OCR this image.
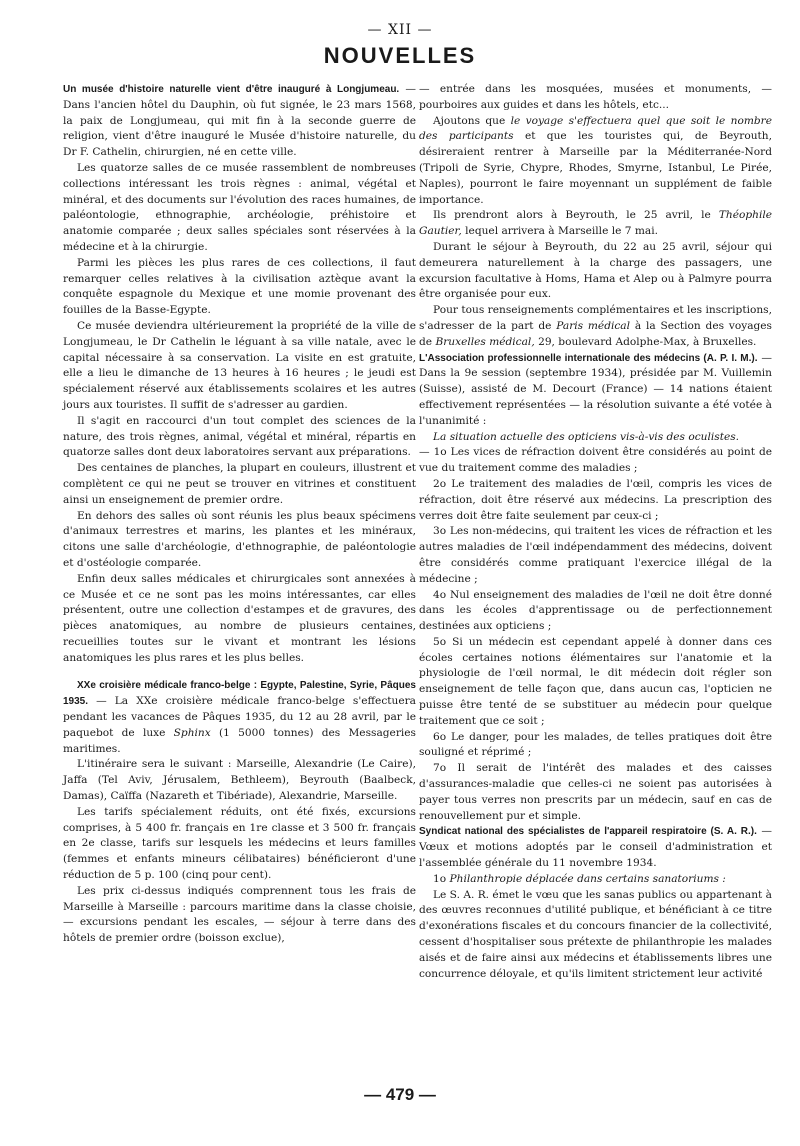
— XII —
NOUVELLES

Un musée d'histoire naturelle vient d'être inauguré à Longjumeau. — Dans l'ancien hôtel du Dauphin, où fut signée, le 23 mars 1568, la paix de Longjumeau, qui mit fin à la seconde guerre de religion, vient d'être inauguré le Musée d'histoire naturelle, du Dr F. Cathelin, chirurgien, né en cette ville.

Les quatorze salles de ce musée rassemblent de nombreuses collections intéressant les trois règnes : animal, végétal et minéral, et des documents sur l'évolution des races humaines, de paléontologie, ethnographie, archéologie, préhistoire et anatomie comparée ; deux salles spéciales sont réservées à la médecine et à la chirurgie.

Parmi les pièces les plus rares de ces collections, il faut remarquer celles relatives à la civilisation aztèque avant la conquête espagnole du Mexique et une momie provenant des fouilles de la Basse-Egypte.

Ce musée deviendra ultérieurement la propriété de la ville de Longjumeau, le Dr Cathelin le léguant à sa ville natale, avec le capital nécessaire à sa conservation. La visite en est gratuite, elle a lieu le dimanche de 13 heures à 16 heures ; le jeudi est spécialement réservé aux établissements scolaires et les autres jours aux touristes. Il suffit de s'adresser au gardien.

Il s'agit en raccourci d'un tout complet des sciences de la nature, des trois règnes, animal, végétal et minéral, répartis en quatorze salles dont deux laboratoires servant aux préparations.

Des centaines de planches, la plupart en couleurs, illustrent et complètent ce qui ne peut se trouver en vitrines et constituent ainsi un enseignement de premier ordre.

En dehors des salles où sont réunis les plus beaux spécimens d'animaux terrestres et marins, les plantes et les minéraux, citons une salle d'archéologie, d'ethnographie, de paléontologie et d'ostéologie comparée.

Enfin deux salles médicales et chirurgicales sont annexées à ce Musée et ce ne sont pas les moins intéressantes, car elles présentent, outre une collection d'estampes et de gravures, des pièces anatomiques, au nombre de plusieurs centaines, recueillies toutes sur le vivant et montrant les lésions anatomiques les plus rares et les plus belles.

XXe croisière médicale franco-belge : Egypte, Palestine, Syrie, Pâques 1935. — La XXe croisière médicale franco-belge s'effectuera pendant les vacances de Pâques 1935, du 12 au 28 avril, par le paquebot de luxe Sphinx (1 5000 tonnes) des Messageries maritimes.

L'itinéraire sera le suivant : Marseille, Alexandrie (Le Caire), Jaffa (Tel Aviv, Jérusalem, Bethleem), Beyrouth (Baalbeck, Damas), Caïffa (Nazareth et Tibériade), Alexandrie, Marseille.

Les tarifs spécialement réduits, ont été fixés, excursions comprises, à 5 400 fr. français en 1re classe et 3 500 fr. français en 2e classe, tarifs sur lesquels les médecins et leurs familles (femmes et enfants mineurs célibataires) bénéficieront d'une réduction de 5 p. 100 (cinq pour cent).

Les prix ci-dessus indiqués comprennent tous les frais de Marseille à Marseille : parcours maritime dans la classe choisie, — excursions pendant les escales, — séjour à terre dans des hôtels de premier ordre (boisson exclue),

— entrée dans les mosquées, musées et monuments, — pourboires aux guides et dans les hôtels, etc...

Ajoutons que le voyage s'effectuera quel que soit le nombre des participants et que les touristes qui, de Beyrouth, désireraient rentrer à Marseille par la Méditerranée-Nord (Tripoli de Syrie, Chypre, Rhodes, Smyrne, Istanbul, Le Pirée, Naples), pourront le faire moyennant un supplément de faible importance.

Ils prendront alors à Beyrouth, le 25 avril, le Théophile Gautier, lequel arrivera à Marseille le 7 mai.

Durant le séjour à Beyrouth, du 22 au 25 avril, séjour qui demeurera naturellement à la charge des passagers, une excursion facultative à Homs, Hama et Alep ou à Palmyre pourra être organisée pour eux.

Pour tous renseignements complémentaires et les inscriptions, s'adresser de la part de Paris médical à la Section des voyages de Bruxelles médical, 29, boulevard Adolphe-Max, à Bruxelles.

L'Association professionnelle internationale des médecins (A. P. I. M.). — Dans la 9e session (septembre 1934), présidée par M. Vuillemin (Suisse), assisté de M. Decourt (France) — 14 nations étaient effectivement représentées — la résolution suivante a été votée à l'unanimité :

La situation actuelle des opticiens vis-à-vis des oculistes.

— 1o Les vices de réfraction doivent être considérés au point de vue du traitement comme des maladies ;

2o Le traitement des maladies de l'œil, compris les vices de réfraction, doit être réservé aux médecins. La prescription des verres doit être faite seulement par ceux-ci ;

3o Les non-médecins, qui traitent les vices de réfraction et les autres maladies de l'œil indépendamment des médecins, doivent être considérés comme pratiquant l'exercice illégal de la médecine ;

4o Nul enseignement des maladies de l'œil ne doit être donné dans les écoles d'apprentissage ou de perfectionnement destinées aux opticiens ;

5o Si un médecin est cependant appelé à donner dans ces écoles certaines notions élémentaires sur l'anatomie et la physiologie de l'œil normal, le dit médecin doit régler son enseignement de telle façon que, dans aucun cas, l'opticien ne puisse être tenté de se substituer au médecin pour quelque traitement que ce soit ;

6o Le danger, pour les malades, de telles pratiques doit être souligné et réprimé ;

7o Il serait de l'intérêt des malades et des caisses d'assurances-maladie que celles-ci ne soient pas autorisées à payer tous verres non prescrits par un médecin, sauf en cas de renouvellement pur et simple.

Syndicat national des spécialistes de l'appareil respiratoire (S. A. R.). — Vœux et motions adoptés par le conseil d'administration et l'assemblée générale du 11 novembre 1934.

1o Philanthropie déplacée dans certains sanatoriums :

Le S. A. R. émet le vœu que les sanas publics ou appartenant à des œuvres reconnues d'utilité publique, et bénéficiant à ce titre d'exonérations fiscales et du concours financier de la collectivité, cessent d'hospitaliser sous prétexte de philanthropie les malades aisés et de faire ainsi aux médecins et établissements libres une concurrence déloyale, et qu'ils limitent strictement leur activité

— 479 —
